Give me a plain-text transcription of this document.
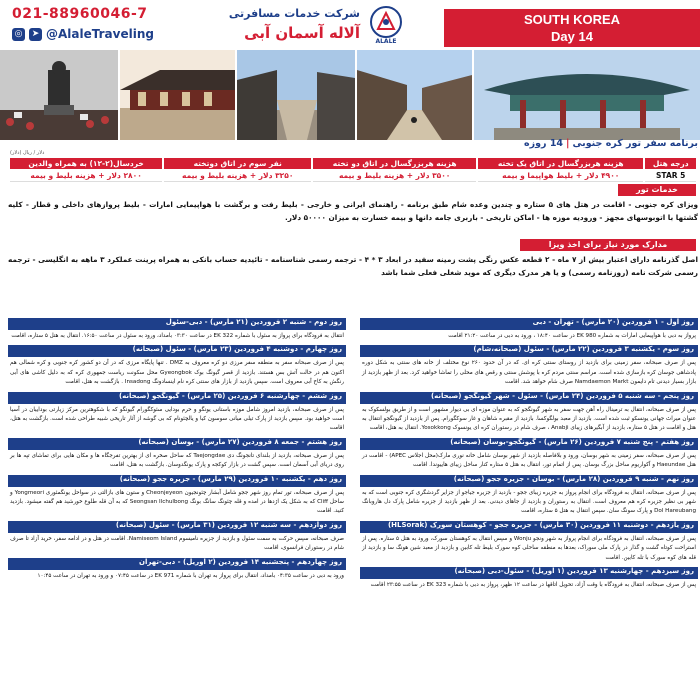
021-88960046-7
◎	➤ @AlaleTraveling
شرکت خدمات مسافرتی
آلاله آسمان آبی	ALALE
SOUTH KOREA
Day 14
برنامه سفر تور کره جنوبی|14 روزه
دلار / ریال (دلار)
درجه هتل	هزینه هربزرگسال در اتاق یک تخته	هزینه هربزرگسال در اتاق دو تخته	نفر سوم در اتاق دوتخته	خردسال(۲-۱۲) به همراه والدین
5 STAR	۴۹۰۰ دلار + بلیط هواپیما و بیمه	۳۵۰۰ دلار + هزینه بلیط و بیمه	۳۲۵۰ دلار + هزینه بلیط و بیمه	۲۸۰۰ دلار + هزینه بلیط و بیمه
خدمات تور
ویزای کره جنوبی - اقامت در هتل های ۵ ستاره و چندین وعده شام طبق برنامه - راهنمای ایرانی و خارجی - بلیط رفت و برگشت با هواپیمایی امارات - بلیط پروازهای داخلی و قطار - کلیه گشتها با اتوبوسهای مجهز - ورودیه موزه ها - اماکن تاریخی - باربری جامه دانها و بیمه خسارت به میزان ۵۰۰۰۰ دلار.
مدارک مورد نیاز برای اخذ ویزا
اصل گذرنامه دارای اعتبار بیش از ۷ ماه - ۲ قطعه عکس رنگی پشت زمینه سفید در ابعاد ۳ * ۴ - ترجمه رسمی شناسنامه - تائیدیه حساب بانکی به همراه پرینت عملکرد ۳ ماهه به انگلیسی - ترجمه رسمی شرکت نامه (روزنامه رسمی) و یا هر مدرک دیگری که موید شغلی فعلی شما باشد
روز اول - ۱ فروردین (۲۰ مارس) - تهران - دبی
پرواز به دبی با هواپیمایی امارات به شماره EK 980 در ساعت ۱۸:۴۰ ، ورود به دبی در ساعت ۲۱:۲۰ اقامت
روز سوم - یکشنبه ۳ فروردین (۲۲ مارس) - سئول (صبحانه،شام)
پس از صرف صبحانه، سفر زمینی برای بازدید از روستای سنتی کره ای. که در آن حدود ۲۶۰ نوع مختلف از خانه های سنتی به شکل دوره پادشاهی جوسان کره بازسازی شده است. مراسم سنتی مردم کره با پوشش سنتی و رقص های محلی را تماشا خواهید کرد. بعد از ظهر بازدید از بازار بسیار دیدنی تام دایمون Namdaemon Markt صرف شام خواهد شد. اقامت
روز پنجم - سه شنبه ۵ فروردین (۲۴ مارس) - سئول - شهر گیونگجو (صبحانه)
پس از صرف صبحانه، انتقال به ترمینال راه آهن جهت سفر به شهر گیونگجو که به عنوان موزه ای بی دیوار مشهور است و از طریق بولسکوک به عنوان میراث جهانی یونسکو ثبت شده است. بازدید از معبد بولگوکسا. بازدید از مقبره شاهان و غار سوکگورام. پس از بازدید از گیونگجو انتقال به هتل و اقامت در هتل ۵ ستاره، بازدید از آبگیرهای زیبای Anabji ، صرف شام در رستوران کره ای یونسوک Yosokkong. انتقال به هتل، اقامت
روز هفتم - پنج شنبه ۷ فروردین (۲۶ مارس) - گیونگجو-بوسان (صبحانه)
پس از صرف صبحانه، سفر زمینی به شهر بوسان، ورود و بلافاصله بازدید از شهر بوسان شامل خانه نوری مارک(محل اجلاس APEC) - اقامت در هتل Haeundae و آکواریوم ساحل بزرگ بوسان. پس از اتمام تور، انتقال به هتل ۵ ستاره کنار ساحل زیبای هاییوندا. اقامت
روز نهم - شنبه ۹ فروردین (۲۸ مارس) - بوسان - جزیره ججو (صبحانه)
پس از صرف صبحانه، انتقال به فرودگاه برای انجام پرواز به جزیره زیبای ججو - بازدید از جزیره جیاجو از جزایر گردشگری کره جنوبی است که به شهر بی نظیر جزیره کره هم معروف است. انتقال به رستوران و بازدید از جاهای دیدنی. بعد از ظهر بازدید از جزیره شامل پارک دل هاروبانگ Dol Hareubang و پارک سونگ سان. سپس انتقال به هتل ۵ ستاره، اقامت
روز یازدهم - دوشنبه ۱۱ فروردین (۳۰ مارس) - جزیره ججو - کوهستان سورک (HLSorak)
پس از صرف صبحانه، انتقال به فرودگاه برای انجام پرواز به شهر ونجو Wonju و سپس انتقال به کوهستان سورک، ورود به هتل ۵ ستاره. پس از استراحت کوتاه گشت و گذار در پارک ملی سوراک، بعدها به منطقه ساحلی کوه سورک بلیط تله کابین و بازدید از معبد شین هونگ سا و بازدید از قله های کوه سورک با تله کابین. اقامت
روز سیزدهم - چهارشنبه ۱۳ فروردین (۱ آوریل) - سئول-دبی (صبحانه)
پس از صرف صبحانه، انتقال به فرودگاه با وقت آزاد، تحویل اتاقها در ساعت ۱۲ ظهر، پرواز به دبی با شماره EK 323 در ساعت ۲۳:۵۵ اقامت
روز دوم - شنبه ۲ فروردین (۲۱ مارس) - دبی-سئول
انتقال به فرودگاه برای پرواز به سئول با شماره EK 322 در ساعت ۰۳:۳۰ بامداد، ورود به سئول در ساعت ۱۶:۵۰. انتقال به هتل ۵ ستاره، اقامت
روز چهارم - دوشنبه ۴ فروردین (۲۳ مارس) - سئول (صبحانه)
پس از صرف صبحانه سفر به منطقه سفر مرزی دو کره معروف به DMZ . تنها پایگاه مرزی که در آن دو کشور کره جنوبی و کره شمالی هم اکنون هم در حالت آتش بس هستند. بازدید از قصر گیونگ بوک Gyeongbok محل سکونت ریاست جمهوری کره که به دلیل کاشی های آبی رنگش به کاخ آبی معروف است. سپس بازدید از بازار های سنتی کره نام اینسادونگ Insadong . بازگشت به هتل، اقامت
روز ششم - چهارشنبه ۶ فروردین (۲۵ مارس) - گیونگجو (صبحانه)
پس از صرف صبحانه، بازدید امروز شامل موزه باستانی یونگو و حرم بودایی سئوکگورام گیونگو که با شکوهترین مرکز زیارتی بوداییان در آسیا است خواهید بود. سپس بازدید از پارک تیلی میانی سوسون کیا و یالچئونام که بی گوشه از آثار تاریخی شبیه طراحی شده است. بازگشت به هتل، اقامت
روز هشتم - جمعه ۸ فروردین (۲۷ مارس) - بوسان (صبحانه)
پس از صرف صبحانه، بازدید از بلندای تانجونگ دی Taejongdae که ساحل صخره ای از بهترین تفرجگاه ها و مکان هایی برای تماشای تپه ها بر روی دریای آبی آسمان است. سپس گشت در بازار کوکجه و پارک یونگدوسان. بازگشت به هتل، اقامت
روز دهم - یکشنبه ۱۰ فروردین (۲۹ مارس) - جزیره ججو (صبحانه)
پس از صرف صبحانه، تور تمام روز شهر ججو شامل آبشار چئونجیون Cheonjeyeon و ستون های بازالتی در سواحل یونگمئوری Yongmeori و ساحل Cliff که به شکل یک اژدها در امده و قله چئونگ سانگ بونگ Seongsan Ilchulbong که به آن قله طلوع خورشید هم گفته میشود. بازدید کنید. اقامت
روز دوازدهم - سه شنبه ۱۲ فروردین (۳۱ مارس) - سئول (صبحانه)
صرف صبحانه، سپس حرکت به سمت سئول و بازدید از جزیره نامیسوم Namiseom Island. اقامت در هتل و در ادامه سفر، خرید آزاد تا صرف شام در رستوران فرانسوی، اقامت
روز چهاردهم - پنجشنبه ۱۴ فروردین (۲ آوریل) - دبی-تهران
ورود به دبی در ساعت ۰۴:۳۵ بامداد، انتقال برای پرواز به تهران با شماره EK 971 در ساعت ۰۷:۴۵ و ورود به تهران در ساعت ۱۰:۴۵
